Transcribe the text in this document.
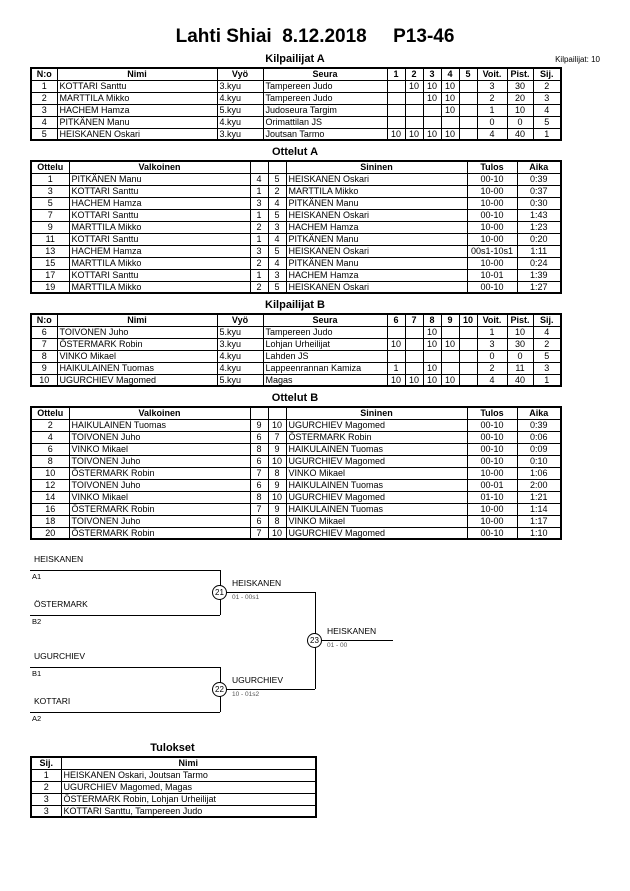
Lahti Shiai  8.12.2018     P13-46
Kilpailijat A	Kilpailijat: 10
N:o	Nimi	Vyö	Seura	1	2	3	4	5	Voit.	Pist.	Sij.
1	KOTTARI Santtu	3.kyu	Tampereen Judo		10	10	10		3	30	2
2	MARTTILA Mikko	4.kyu	Tampereen Judo			10	10		2	20	3
3	HACHEM Hamza	5.kyu	Judoseura Targim				10		1	10	4
4	PITKÄNEN Manu	4.kyu	Orimattilan JS						0	0	5
5	HEISKANEN Oskari	3.kyu	Joutsan Tarmo	10	10	10	10		4	40	1
Ottelut A
Ottelu	Valkoinen			Sininen	Tulos	Aika
1	PITKÄNEN Manu	4	5	HEISKANEN Oskari	00-10	0:39
3	KOTTARI Santtu	1	2	MARTTILA Mikko	10-00	0:37
5	HACHEM Hamza	3	4	PITKÄNEN Manu	10-00	0:30
7	KOTTARI Santtu	1	5	HEISKANEN Oskari	00-10	1:43
9	MARTTILA Mikko	2	3	HACHEM Hamza	10-00	1:23
11	KOTTARI Santtu	1	4	PITKÄNEN Manu	10-00	0:20
13	HACHEM Hamza	3	5	HEISKANEN Oskari	00s1-10s1	1:11
15	MARTTILA Mikko	2	4	PITKÄNEN Manu	10-00	0:24
17	KOTTARI Santtu	1	3	HACHEM Hamza	10-01	1:39
19	MARTTILA Mikko	2	5	HEISKANEN Oskari	00-10	1:27
Kilpailijat B
N:o	Nimi	Vyö	Seura	6	7	8	9	10	Voit.	Pist.	Sij.
6	TOIVONEN Juho	5.kyu	Tampereen Judo			10			1	10	4
7	ÖSTERMARK Robin	3.kyu	Lohjan Urheilijat	10		10	10		3	30	2
8	VINKO Mikael	4.kyu	Lahden JS						0	0	5
9	HAIKULAINEN Tuomas	4.kyu	Lappeenrannan Kamiza	1		10			2	11	3
10	UGURCHIEV Magomed	5.kyu	Magas	10	10	10	10		4	40	1
Ottelut B
Ottelu	Valkoinen			Sininen	Tulos	Aika
2	HAIKULAINEN Tuomas	9	10	UGURCHIEV Magomed	00-10	0:39
4	TOIVONEN Juho	6	7	ÖSTERMARK Robin	00-10	0:06
6	VINKO Mikael	8	9	HAIKULAINEN Tuomas	00-10	0:09
8	TOIVONEN Juho	6	10	UGURCHIEV Magomed	00-10	0:10
10	ÖSTERMARK Robin	7	8	VINKO Mikael	10-00	1:06
12	TOIVONEN Juho	6	9	HAIKULAINEN Tuomas	00-01	2:00
14	VINKO Mikael	8	10	UGURCHIEV Magomed	01-10	1:21
16	ÖSTERMARK Robin	7	9	HAIKULAINEN Tuomas	10-00	1:14
18	TOIVONEN Juho	6	8	VINKO Mikael	10-00	1:17
20	ÖSTERMARK Robin	7	10	UGURCHIEV Magomed	00-10	1:10
HEISKANEN
A1
ÖSTERMARK
B2
21
HEISKANEN
01 - 00s1
UGURCHIEV
B1
KOTTARI
A2
22
UGURCHIEV
10 - 01s2
23
HEISKANEN
01 - 00
Tulokset
Sij.	Nimi
1	HEISKANEN Oskari, Joutsan Tarmo
2	UGURCHIEV Magomed, Magas
3	ÖSTERMARK Robin, Lohjan Urheilijat
3	KOTTARI Santtu, Tampereen Judo
